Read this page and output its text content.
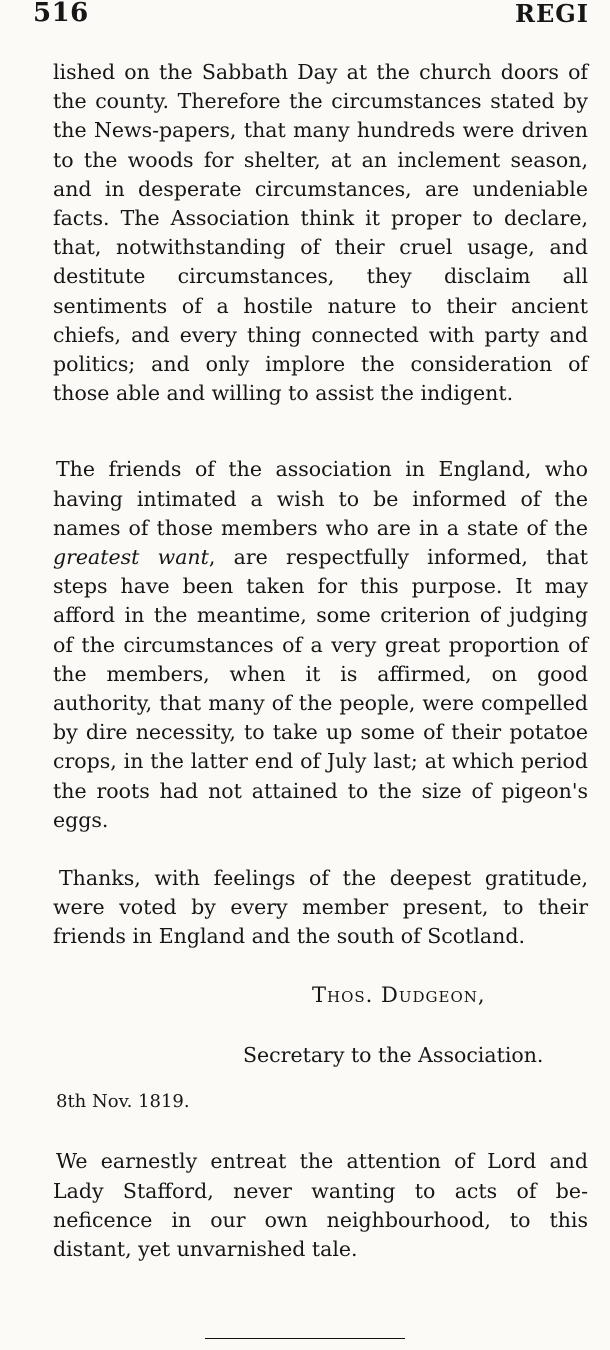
516	REGI

lished on the Sabbath Day at the church doors of the county. Therefore the circumstances stated by the News-papers, that many hundreds were driven to the woods for shelter, at an inclement season, and in desperate circumstances, are undeniable facts. The Association think it proper to declare, that, notwithstanding of their cruel usage, and destitute circumstances, they disclaim all sentiments of a hostile nature to their ancient chiefs, and every thing connected with party and politics; and only implore the consideration of those able and willing to assist the indigent.

The friends of the association in England, who having intimated a wish to be informed of the names of those members who are in a state of the greatest want, are respectfully informed, that steps have been taken for this purpose. It may afford in the meantime, some criterion of judging of the circumstances of a very great proportion of the members, when it is affirmed, on good authority, that many of the people, were compelled by dire necessity, to take up some of their potatoe crops, in the latter end of July last; at which period the roots had not attained to the size of pigeon's eggs.

Thanks, with feelings of the deepest gratitude, were voted by every member present, to their friends in England and the south of Scotland.

Thos. Dudgeon,
Secretary to the Association.
8th Nov. 1819.

We earnestly entreat the attention of Lord and Lady Stafford, never wanting to acts of beneficence in our own neighbourhood, to this distant, yet unvarnished tale.
